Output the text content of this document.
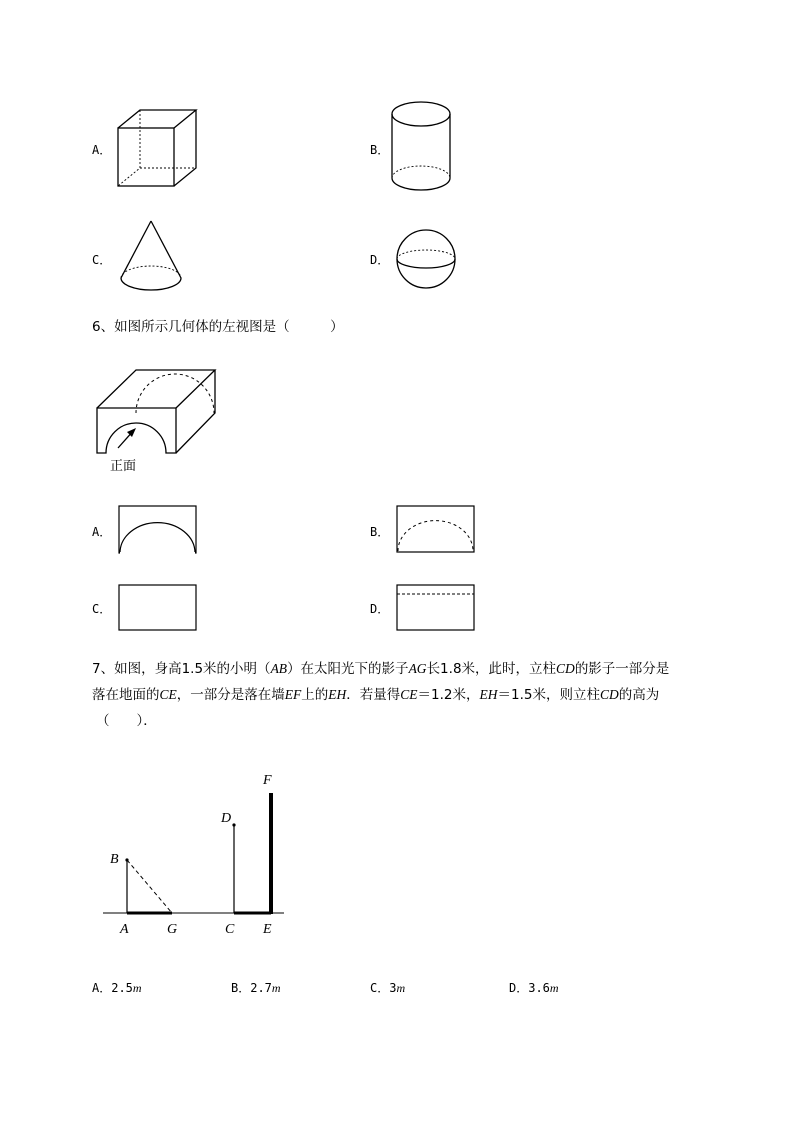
A．	B．
C．	D．
6、如图所示几何体的左视图是（　　　）
正面
A．	B．
C．	D．
7、如图，身高1.5米的小明（AB）在太阳光下的影子AG长1.8米，此时，立柱CD的影子一部分是
落在地面的CE，一部分是落在墙EF上的EH．若量得CE＝1.2米，EH＝1.5米，则立柱CD的高为
（　　）．
B
A	G
D
C E
F
A．2.5m	B．2.7m	C．3m	D．3.6m
